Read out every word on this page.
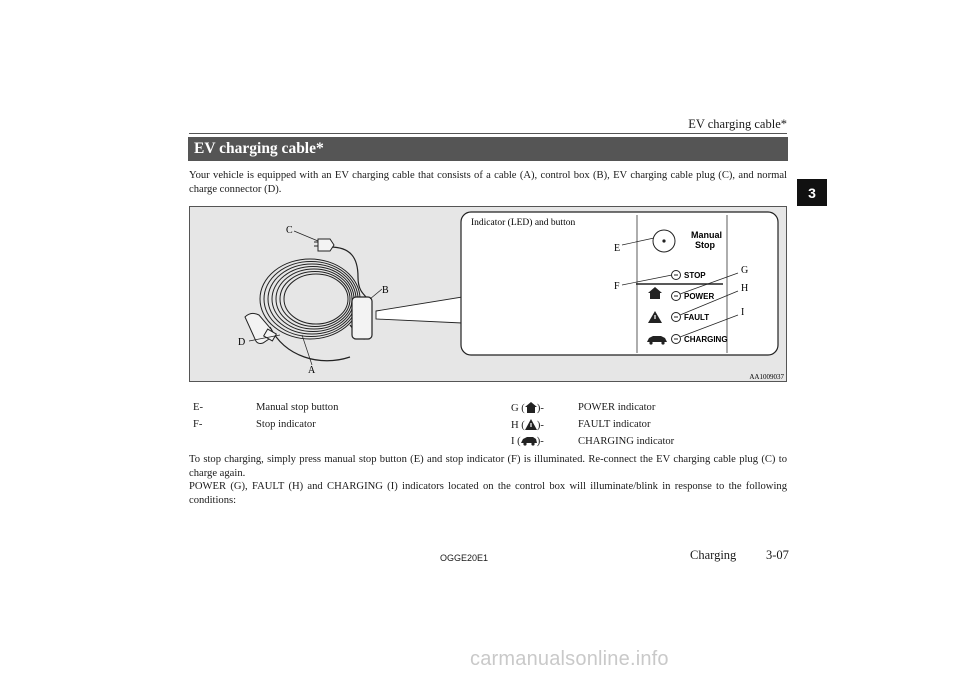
EV charging cable*
3
EV charging cable*
Your vehicle is equipped with an EV charging cable that consists of a cable (A), control box (B), EV charging cable plug (C), and normal charge connector (D).
C
B
D
A
Indicator (LED) and button
Manual
Stop
E
STOP
F
POWER
FAULT
CHARGING
G
H
I
AA1009037
E-	Manual stop button
F-	Stop indicator
G ( )-	POWER indicator
H ( )-	FAULT indicator
I ( )-	CHARGING indicator
To stop charging, simply press manual stop button (E) and stop indicator (F) is illuminated. Re-connect the EV charging cable plug (C) to charge again.
POWER (G), FAULT (H) and CHARGING (I) indicators located on the control box will illuminate/blink in response to the following conditions:
OGGE20E1	Charging 3-07
carmanualsonline.info
